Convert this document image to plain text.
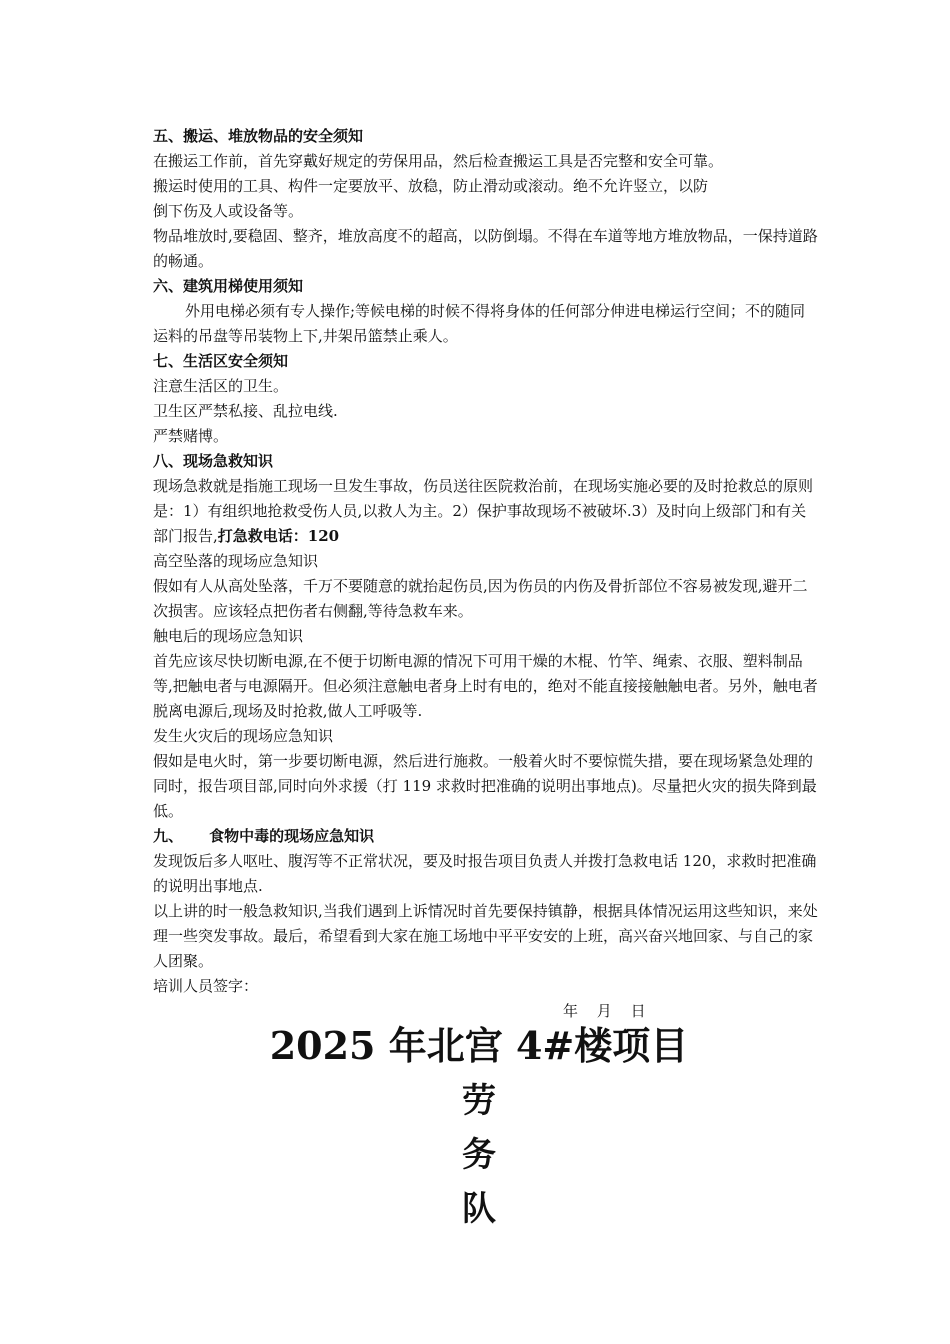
五、搬运、堆放物品的安全须知

在搬运工作前，首先穿戴好规定的劳保用品，然后检查搬运工具是否完整和安全可靠。

搬运时使用的工具、构件一定要放平、放稳，防止滑动或滚动。绝不允许竖立，以防

倒下伤及人或设备等。

物品堆放时,要稳固、整齐，堆放高度不的超高，以防倒塌。不得在车道等地方堆放物品，一保持道路的畅通。

六、建筑用梯使用须知

外用电梯必须有专人操作;等候电梯的时候不得将身体的任何部分伸进电梯运行空间；不的随同运料的吊盘等吊装物上下,井架吊篮禁止乘人。

七、生活区安全须知

注意生活区的卫生。

卫生区严禁私接、乱拉电线.

严禁赌博。

八、现场急救知识

现场急救就是指施工现场一旦发生事故，伤员送往医院救治前，在现场实施必要的及时抢救总的原则是：1）有组织地抢救受伤人员,以救人为主。2）保护事故现场不被破坏.3）及时向上级部门和有关部门报告,打急救电话：120

高空坠落的现场应急知识

假如有人从高处坠落，千万不要随意的就抬起伤员,因为伤员的内伤及骨折部位不容易被发现,避开二次损害。应该轻点把伤者右侧翻,等待急救车来。

触电后的现场应急知识

首先应该尽快切断电源,在不便于切断电源的情况下可用干燥的木棍、竹竿、绳索、衣服、塑料制品等,把触电者与电源隔开。但必须注意触电者身上时有电的，绝对不能直接接触触电者。另外，触电者脱离电源后,现场及时抢救,做人工呼吸等.

发生火灾后的现场应急知识

假如是电火时，第一步要切断电源，然后进行施救。一般着火时不要惊慌失措，要在现场紧急处理的同时，报告项目部,同时向外求援（打 119 求救时把准确的说明出事地点)。尽量把火灾的损失降到最低。

九、     食物中毒的现场应急知识

发现饭后多人呕吐、腹泻等不正常状况，要及时报告项目负责人并拨打急救电话 120，求救时把准确的说明出事地点.

以上讲的时一般急救知识,当我们遇到上诉情况时首先要保持镇静，根据具体情况运用这些知识，来处理一些突发事故。最后，希望看到大家在施工场地中平平安安的上班，高兴奋兴地回家、与自己的家人团聚。

培训人员签字：

年 月 日

2025 年北宫 4#楼项目
劳
务
队
